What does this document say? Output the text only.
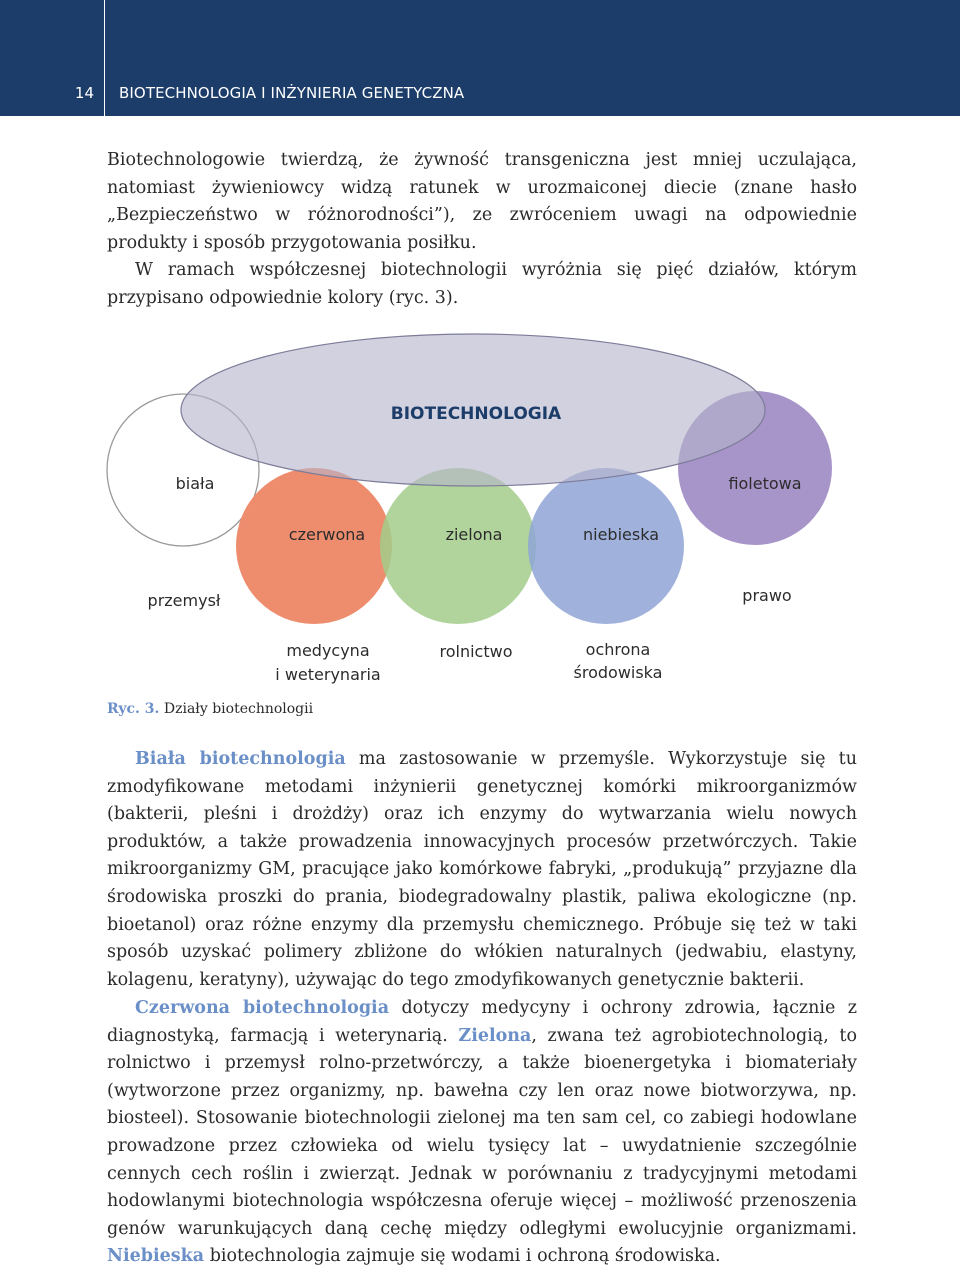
14 BIOTECHNOLOGIA I INŻYNIERIA GENETYCZNA

Biotechnologowie twierdzą, że żywność transgeniczna jest mniej uczulająca, natomiast żywieniowcy widzą ratunek w urozmaiconej diecie (znane hasło „Bezpieczeństwo w różnorodności”), ze zwróceniem uwagi na odpowiednie produkty i sposób przygotowania posiłku.

W ramach współczesnej biotechnologii wyróżnia się pięć działów, którym przypisano odpowiednie kolory (ryc. 3).

BIOTECHNOLOGIA
biała	fioletowa
czerwona	zielona	niebieska
przemysł	prawo
medycyna
i weterynaria
rolnictwo	ochrona
środowiska
Ryc. 3. Działy biotechnologii

Biała biotechnologia ma zastosowanie w przemyśle. Wykorzystuje się tu zmodyfikowane metodami inżynierii genetycznej komórki mikroorganizmów (bakterii, pleśni i drożdży) oraz ich enzymy do wytwarzania wielu nowych produktów, a także prowadzenia innowacyjnych procesów przetwórczych. Takie mikroorganizmy GM, pracujące jako komórkowe fabryki, „produkują” przyjazne dla środowiska proszki do prania, biodegradowalny plastik, paliwa ekologiczne (np. bioetanol) oraz różne enzymy dla przemysłu chemicznego. Próbuje się też w taki sposób uzyskać polimery zbliżone do włókien naturalnych (jedwabiu, elastyny, kolagenu, keratyny), używając do tego zmodyfikowanych genetycznie bakterii.

Czerwona biotechnologia dotyczy medycyny i ochrony zdrowia, łącznie z diagnostyką, farmacją i weterynarią. Zielona, zwana też agrobiotechnologią, to rolnictwo i przemysł rolno-przetwórczy, a także bioenergetyka i biomateriały (wytworzone przez organizmy, np. bawełna czy len oraz nowe biotworzywa, np. biosteel). Stosowanie biotechnologii zielonej ma ten sam cel, co zabiegi hodowlane prowadzone przez człowieka od wielu tysięcy lat – uwydatnienie szczególnie cennych cech roślin i zwierząt. Jednak w porównaniu z tradycyjnymi metodami hodowlanymi biotechnologia współczesna oferuje więcej – możliwość przenoszenia genów warunkujących daną cechę między odległymi ewolucyjnie organizmami. Niebieska biotechnologia zajmuje się wodami i ochroną środowiska.
